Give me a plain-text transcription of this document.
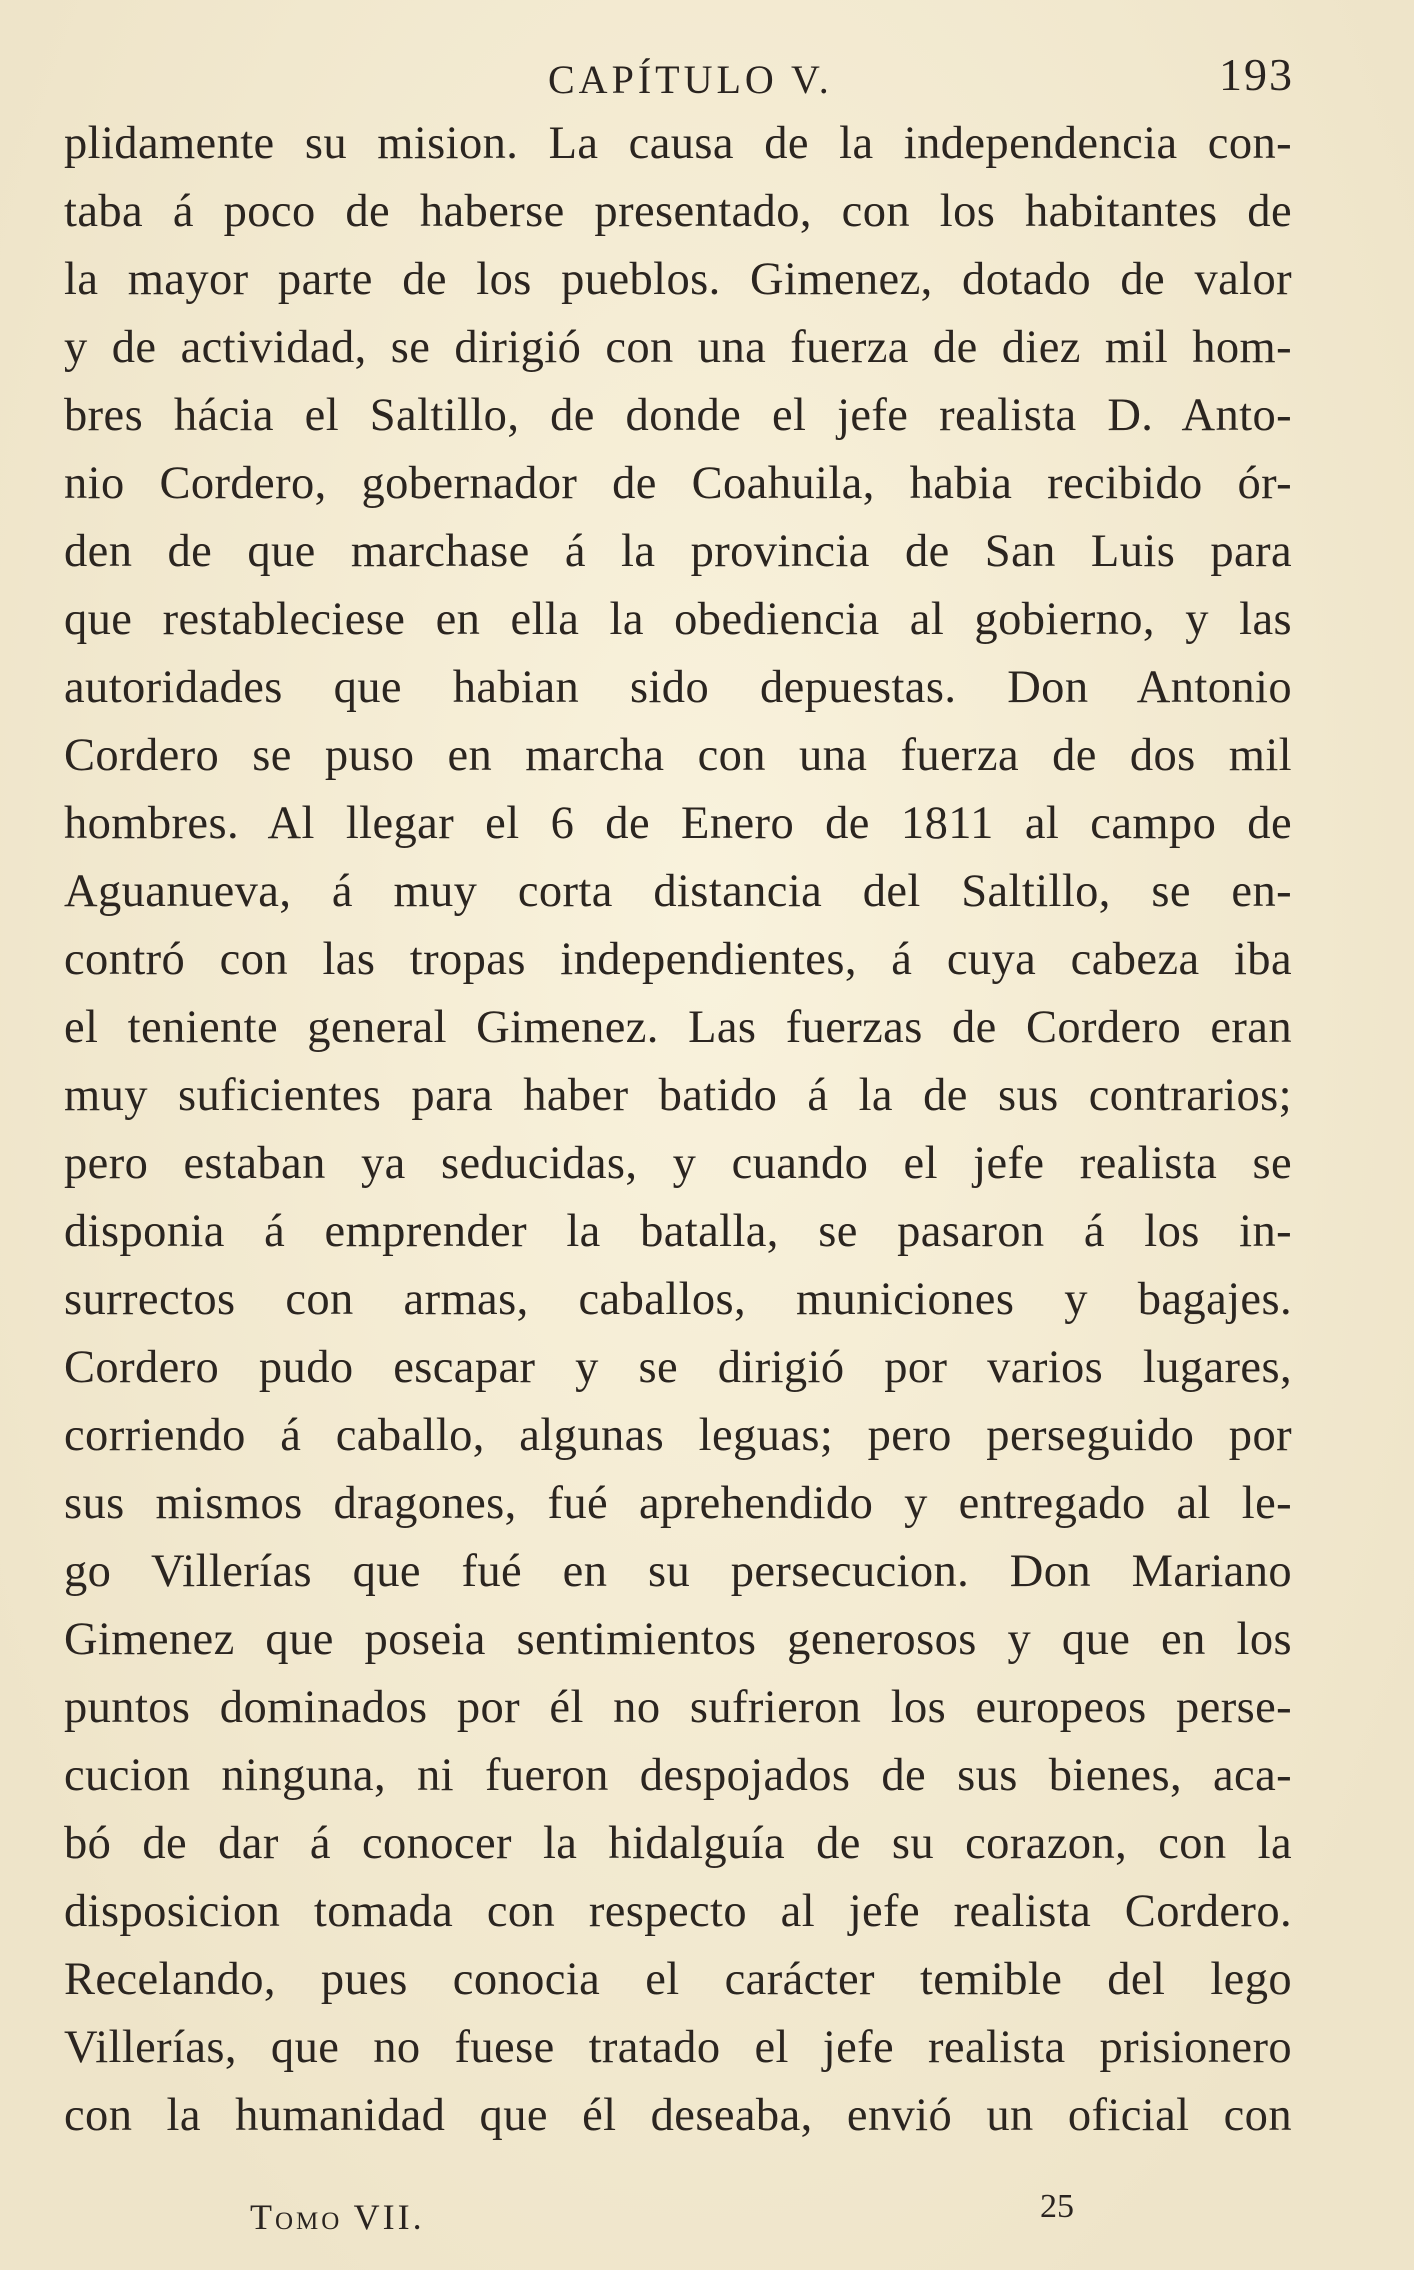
CAPÍTULO V.	193
plidamente su mision. La causa de la independencia con-
taba á poco de haberse presentado, con los habitantes de
la mayor parte de los pueblos. Gimenez, dotado de valor
y de actividad, se dirigió con una fuerza de diez mil hom-
bres hácia el Saltillo, de donde el jefe realista D. Anto-
nio Cordero, gobernador de Coahuila, habia recibido ór-
den de que marchase á la provincia de San Luis para
que restableciese en ella la obediencia al gobierno, y las
autoridades que habian sido depuestas. Don Antonio
Cordero se puso en marcha con una fuerza de dos mil
hombres. Al llegar el 6 de Enero de 1811 al campo de
Aguanueva, á muy corta distancia del Saltillo, se en-
contró con las tropas independientes, á cuya cabeza iba
el teniente general Gimenez. Las fuerzas de Cordero eran
muy suficientes para haber batido á la de sus contrarios;
pero estaban ya seducidas, y cuando el jefe realista se
disponia á emprender la batalla, se pasaron á los in-
surrectos con armas, caballos, municiones y bagajes.
Cordero pudo escapar y se dirigió por varios lugares,
corriendo á caballo, algunas leguas; pero perseguido por
sus mismos dragones, fué aprehendido y entregado al le-
go Villerías que fué en su persecucion. Don Mariano
Gimenez que poseia sentimientos generosos y que en los
puntos dominados por él no sufrieron los europeos perse-
cucion ninguna, ni fueron despojados de sus bienes, aca-
bó de dar á conocer la hidalguía de su corazon, con la
disposicion tomada con respecto al jefe realista Cordero.
Recelando, pues conocia el carácter temible del lego
Villerías, que no fuese tratado el jefe realista prisionero
con la humanidad que él deseaba, envió un oficial con
Tomo VII.	25
